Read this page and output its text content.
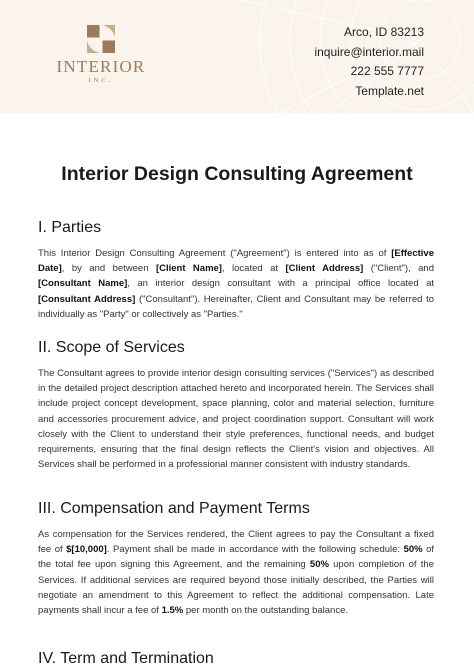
INTERIOR
INC.
Arco, ID 83213
inquire@interior.mail
222 555 7777
Template.net
Interior Design Consulting Agreement
I. Parties

This Interior Design Consulting Agreement ("Agreement") is entered into as of [Effective Date], by and between [Client Name], located at [Client Address] ("Client"), and [Consultant Name], an interior design consultant with a principal office located at [Consultant Address] ("Consultant"). Hereinafter, Client and Consultant may be referred to individually as "Party" or collectively as "Parties."

II. Scope of Services

The Consultant agrees to provide interior design consulting services ("Services") as described in the detailed project description attached hereto and incorporated herein. The Services shall include project concept development, space planning, color and material selection, furniture and accessories procurement advice, and project coordination support. Consultant will work closely with the Client to understand their style preferences, functional needs, and budget requirements, ensuring that the final design reflects the Client's vision and objectives. All Services shall be performed in a professional manner consistent with industry standards.

III. Compensation and Payment Terms

As compensation for the Services rendered, the Client agrees to pay the Consultant a fixed fee of $[10,000]. Payment shall be made in accordance with the following schedule: 50% of the total fee upon signing this Agreement, and the remaining 50% upon completion of the Services. If additional services are required beyond those initially described, the Parties will negotiate an amendment to this Agreement to reflect the additional compensation. Late payments shall incur a fee of 1.5% per month on the outstanding balance.

IV. Term and Termination
